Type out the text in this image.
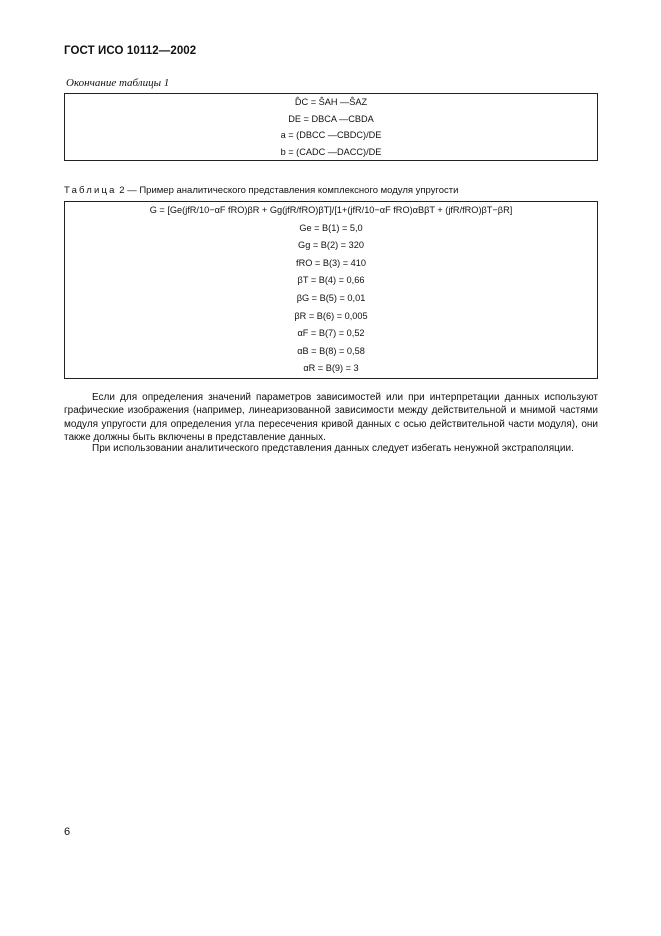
ГОСТ ИСО 10112—2002
Окончание таблицы 1
D̂C = ŜAH —ŜAZ
DE = DBCA —CBDA
a = (DBCC —CBDC)/DE
b = (CADC —DACC)/DE
Таблица 2 — Пример аналитического представления комплексного модуля упругости
G = [Ge(jfR/10−αF fRO)βR + Gg(jfR/fRO)βT]/[1+(jfR/10−αF fRO)αBβT + (jfR/fRO)βT−βR]
Ge = B(1) = 5,0
Gg = B(2) = 320
fRO = B(3) = 410
βT = B(4) = 0,66
βG = B(5) = 0,01
βR = B(6) = 0,005
αF = B(7) = 0,52
αB = B(8) = 0,58
αR = B(9) = 3
Если для определения значений параметров зависимостей или при интерпретации данных используют графические изображения (например, линеаризованной зависимости между действительной и мнимой частями модуля упругости для определения угла пересечения кривой данных с осью действительной части модуля), они также должны быть включены в представление данных.
При использовании аналитического представления данных следует избегать ненужной экстраполяции.
6
